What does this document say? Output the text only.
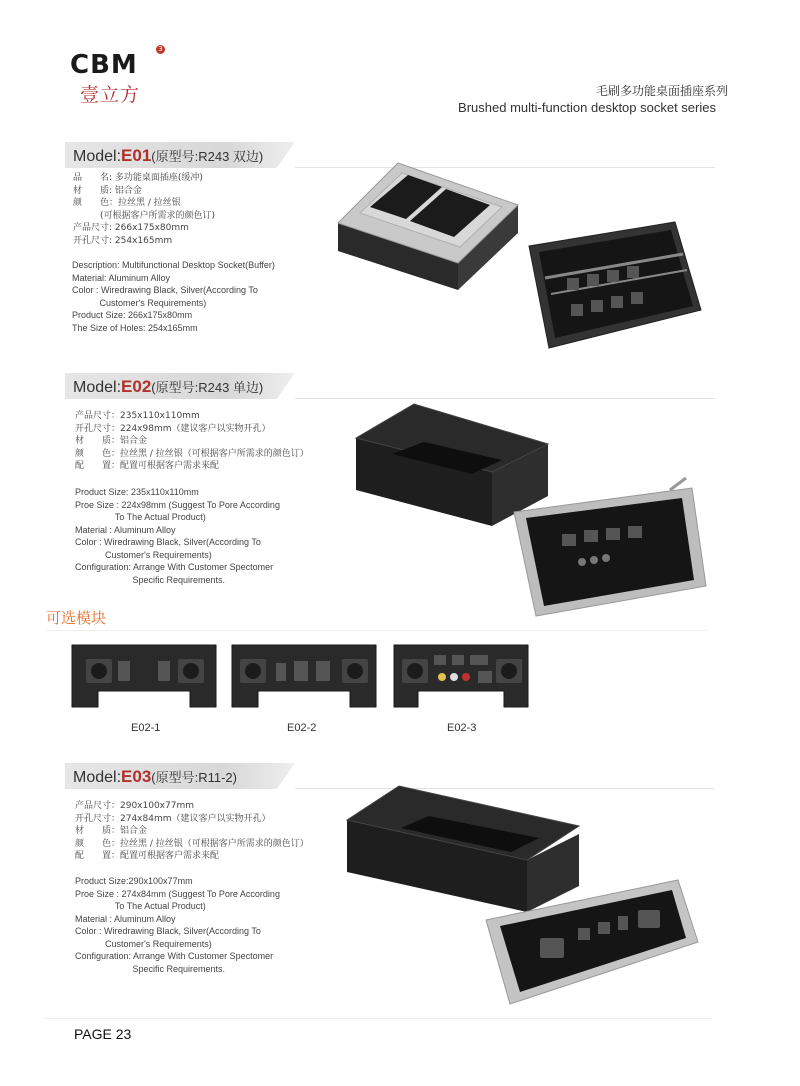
CBM
3
壹立方	毛刷多功能桌面插座系列
Brushed multi-function desktop socket series
Model:E01(原型号:R243 双边)
品　　名: 多功能桌面插座(缓冲)
材　　质: 铝合金
颜　　色：拉丝黑 / 拉丝银
　　　(可根据客户所需求的颜色订)
产品尺寸: 266x175x80mm
开孔尺寸: 254x165mm
Description: Multifunctional Desktop Socket(Buffer)
Material: Aluminum Alloy
Color : Wiredrawing Black, Silver(According To
Customer's Requirements)
Product Size: 266x175x80mm
The Size of Holes: 254x165mm
Model:E02(原型号:R243 单边)
产品尺寸：235x110x110mm
开孔尺寸：224x98mm（建议客户以实物开孔）
材　　质：铝合金
颜　　色：拉丝黑 / 拉丝银（可根据客户所需求的颜色订）
配　　置：配置可根据客户需求来配
Product Size: 235x110x110mm
Proe Size : 224x98mm (Suggest To Pore According
To The Actual Product)
Material : Aluminum Alloy
Color : Wiredrawing Black, Silver(According To
Customer's Requirements)
Configuration: Arrange With Customer Spectomer
Specific Requirements.
可选模块
E02-1	E02-2	E02-3
Model:E03(原型号:R11-2)
产品尺寸：290x100x77mm
开孔尺寸：274x84mm（建议客户以实物开孔）
材　　质：铝合金
颜　　色：拉丝黑 / 拉丝银（可根据客户所需求的颜色订）
配　　置：配置可根据客户需求来配
Product Size:290x100x77mm
Proe Size : 274x84mm (Suggest To Pore According
To The Actual Product)
Material : Aluminum Alloy
Color : Wiredrawing Black, Silver(According To
Customer's Requirements)
Configuration: Arrange With Customer Spectomer
Specific Requirements.
PAGE 23
